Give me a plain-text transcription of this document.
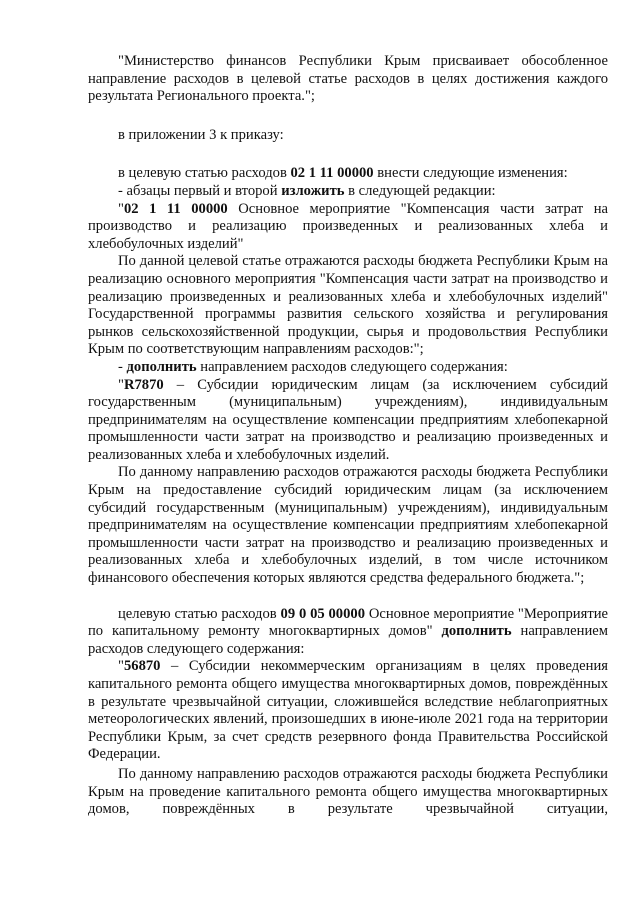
"Министерство финансов Республики Крым присваивает обособленное направление расходов в целевой статье расходов в целях достижения каждого результата Регионального проекта.";

в приложении 3 к приказу:

в целевую статью расходов 02 1 11 00000 внести следующие изменения:

- абзацы первый и второй изложить в следующей редакции:

"02 1 11 00000 Основное мероприятие "Компенсация части затрат на производство и реализацию произведенных и реализованных хлеба и хлебобулочных изделий"

По данной целевой статье отражаются расходы бюджета Республики Крым на реализацию основного мероприятия "Компенсация части затрат на производство и реализацию произведенных и реализованных хлеба и хлебобулочных изделий" Государственной программы развития сельского хозяйства и регулирования рынков сельскохозяйственной продукции, сырья и продовольствия Республики Крым по соответствующим направлениям расходов:";

- дополнить направлением расходов следующего содержания:

"R7870 – Субсидии юридическим лицам (за исключением субсидий государственным (муниципальным) учреждениям), индивидуальным предпринимателям на осуществление компенсации предприятиям хлебопекарной промышленности части затрат на производство и реализацию произведенных и реализованных хлеба и хлебобулочных изделий.

По данному направлению расходов отражаются расходы бюджета Республики Крым на предоставление субсидий юридическим лицам (за исключением субсидий государственным (муниципальным) учреждениям), индивидуальным предпринимателям на осуществление компенсации предприятиям хлебопекарной промышленности части затрат на производство и реализацию произведенных и реализованных хлеба и хлебобулочных изделий, в том числе источником финансового обеспечения которых являются средства федерального бюджета.";

целевую статью расходов 09 0 05 00000 Основное мероприятие "Мероприятие по капитальному ремонту многоквартирных домов" дополнить направлением расходов следующего содержания:

"56870 – Субсидии некоммерческим организациям в целях проведения капитального ремонта общего имущества многоквартирных домов, повреждённых в результате чрезвычайной ситуации, сложившейся вследствие неблагоприятных метеорологических явлений, произошедших в июне-июле 2021 года на территории Республики Крым, за счет средств резервного фонда Правительства Российской Федерации.

По данному направлению расходов отражаются расходы бюджета Республики Крым на проведение капитального ремонта общего имущества многоквартирных домов, повреждённых в результате чрезвычайной ситуации,
